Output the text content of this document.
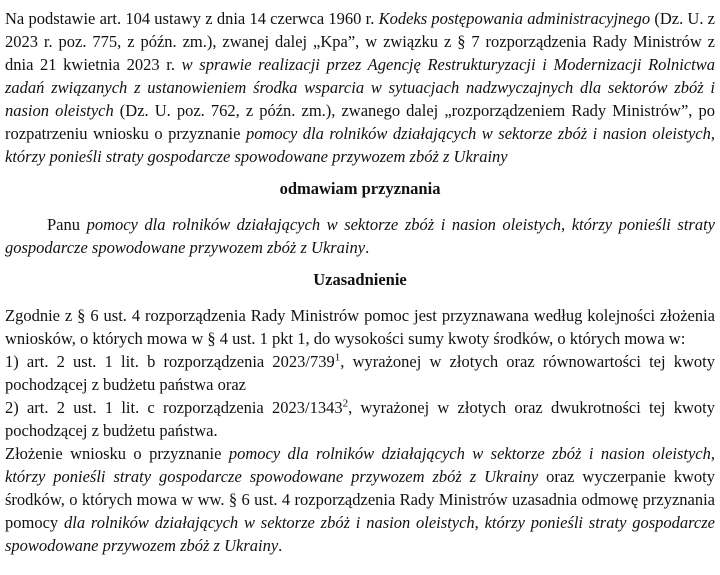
Na podstawie art. 104 ustawy z dnia 14 czerwca 1960 r. Kodeks postępowania administracyjnego (Dz. U. z 2023 r. poz. 775, z późn. zm.), zwanej dalej „Kpa”, w związku z § 7 rozporządzenia Rady Ministrów z dnia 21 kwietnia 2023 r. w sprawie realizacji przez Agencję Restrukturyzacji i Modernizacji Rolnictwa zadań związanych z ustanowieniem środka wsparcia w sytuacjach nadzwyczajnych dla sektorów zbóż i nasion oleistych (Dz. U. poz. 762, z późn. zm.), zwanego dalej „rozporządzeniem Rady Ministrów”, po rozpatrzeniu wniosku o przyznanie pomocy dla rolników działających w sektorze zbóż i nasion oleistych, którzy ponieśli straty gospodarcze spowodowane przywozem zbóż z Ukrainy

odmawiam przyznania

Panu pomocy dla rolników działających w sektorze zbóż i nasion oleistych, którzy ponieśli straty gospodarcze spowodowane przywozem zbóż z Ukrainy.

Uzasadnienie

Zgodnie z § 6 ust. 4 rozporządzenia Rady Ministrów pomoc jest przyznawana według kolejności złożenia wniosków, o których mowa w § 4 ust. 1 pkt 1, do wysokości sumy kwoty środków, o których mowa w:

1) art. 2 ust. 1 lit. b rozporządzenia $2023/739^1$, wyrażonej w złotych oraz równowartości tej kwoty pochodzącej z budżetu państwa oraz

2) art. 2 ust. 1 lit. c rozporządzenia 2023/1343$^2$, wyrażonej w złotych oraz dwukrotności tej kwoty pochodzącej z budżetu państwa.

Złożenie wniosku o przyznanie pomocy dla rolników działających w sektorze zbóż i nasion oleistych, którzy ponieśli straty gospodarcze spowodowane przywozem zbóż z Ukrainy oraz wyczerpanie kwoty środków, o których mowa w ww. § 6 ust. 4 rozporządzenia Rady Ministrów uzasadnia odmowę przyznania pomocy dla rolników działających w sektorze zbóż i nasion oleistych, którzy ponieśli straty gospodarcze spowodowane przywozem zbóż z Ukrainy.
